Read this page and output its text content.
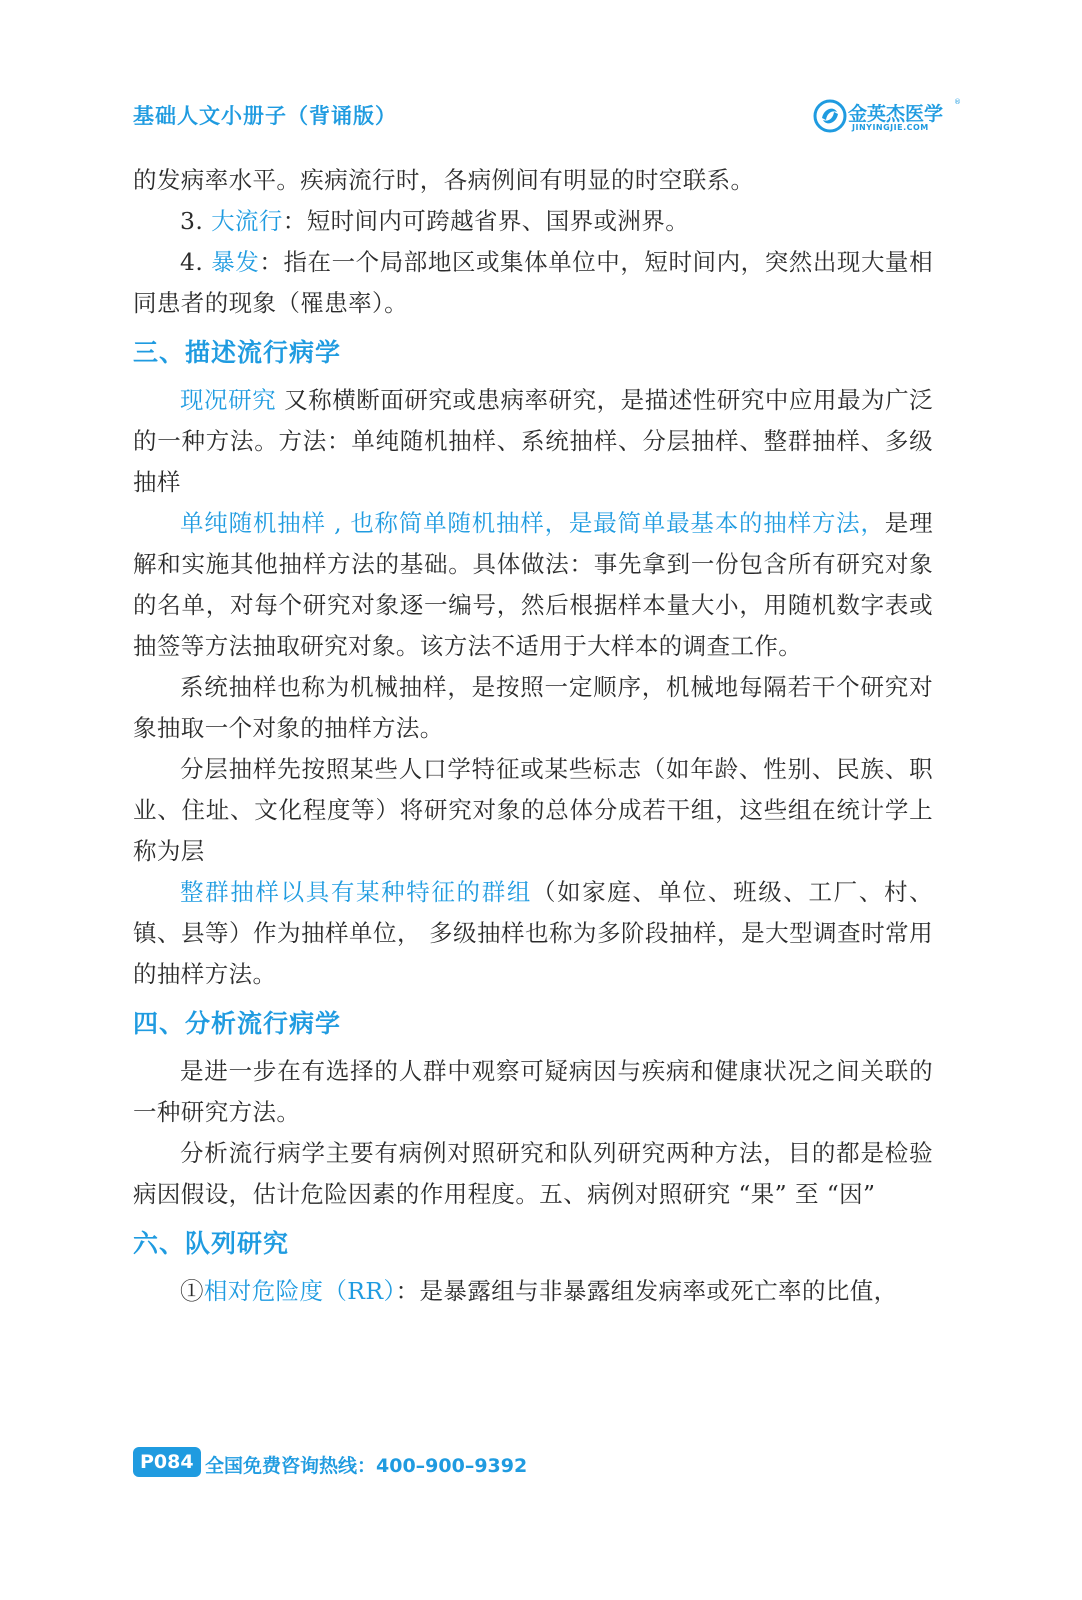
基础人文小册子（背诵版）	金英杰医学
®
JINYINGJIE.COM

的发病率水平。疾病流行时，各病例间有明显的时空联系。

3. 大流行：短时间内可跨越省界、国界或洲界。

4. 暴发：指在一个局部地区或集体单位中，短时间内，突然出现大量相同患者的现象（罹患率）。

三、描述流行病学

现况研究 又称横断面研究或患病率研究，是描述性研究中应用最为广泛的一种方法。方法：单纯随机抽样、系统抽样、分层抽样、整群抽样、多级抽样

单纯随机抽样 , 也称简单随机抽样，是最简单最基本的抽样方法，是理解和实施其他抽样方法的基础。具体做法：事先拿到一份包含所有研究对象的名单，对每个研究对象逐一编号，然后根据样本量大小，用随机数字表或抽签等方法抽取研究对象。该方法不适用于大样本的调查工作。

系统抽样也称为机械抽样，是按照一定顺序，机械地每隔若干个研究对象抽取一个对象的抽样方法。

分层抽样先按照某些人口学特征或某些标志（如年龄、性别、民族、职业、住址、文化程度等）将研究对象的总体分成若干组，这些组在统计学上称为层

整群抽样以具有某种特征的群组（如家庭、单位、班级、工厂、村、镇、县等）作为抽样单位， 多级抽样也称为多阶段抽样，是大型调查时常用的抽样方法。

四、分析流行病学

是进一步在有选择的人群中观察可疑病因与疾病和健康状况之间关联的一种研究方法。

分析流行病学主要有病例对照研究和队列研究两种方法，目的都是检验病因假设，估计危险因素的作用程度。五、病例对照研究 “果” 至 “因”

六、队列研究

①相对危险度（RR）：是暴露组与非暴露组发病率或死亡率的比值，

P084 全国免费咨询热线：400–900–9392
